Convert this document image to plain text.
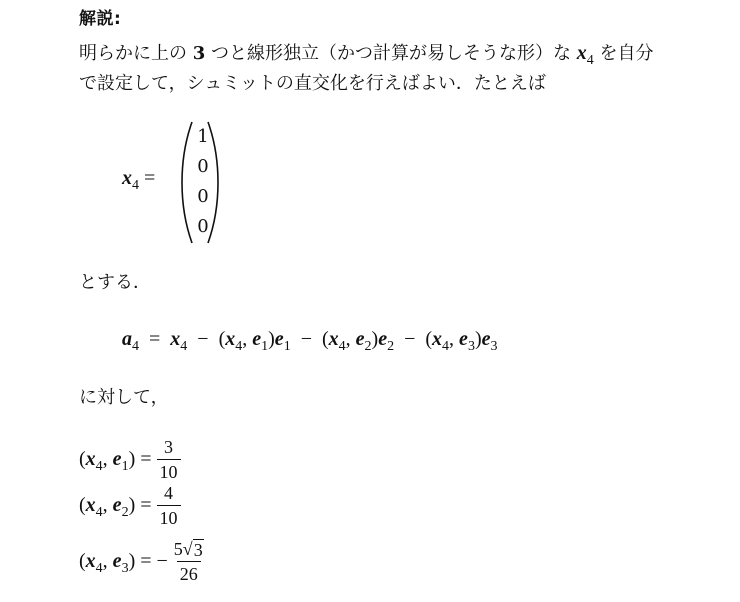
解説:
明らかに上の 3 つと線形独立（かつ計算が易しそうな形）な $x_4$ を自分
で設定して，シュミットの直交化を行えばよい．たとえば
$x_4$ =
1
0
0
0
とする．
$a_4 = x_4 - (x_4$, $e_1)e_1 - (x_4$, $e_2)e_2 - (x_4$, $e_3)e_3$
に対して，
($x_4$, $e_1) = \frac{3}{10}$
($x_4$, $e_2) = \frac{4}{10}$
($x_4$, $e_3$) = − $\frac{5 √ 3}{26}$
